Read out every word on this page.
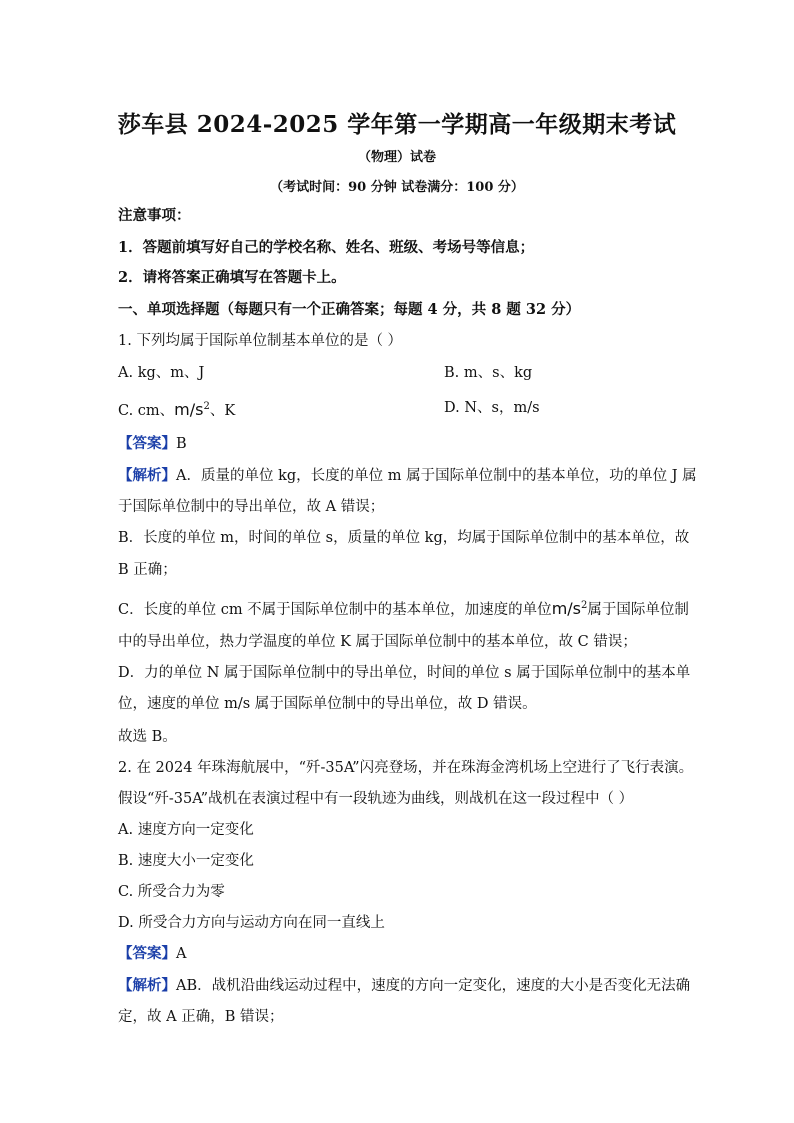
莎车县 2024-2025 学年第一学期高一年级期末考试
（物理）试卷
（考试时间：90 分钟 试卷满分：100 分）
注意事项：
1．答题前填写好自己的学校名称、姓名、班级、考场号等信息；
2．请将答案正确填写在答题卡上。
一、单项选择题（每题只有一个正确答案；每题 4 分，共 8 题 32 分）
1. 下列均属于国际单位制基本单位的是（ ）
A. kg、m、J	B. m、s、kg
C. cm、$m/s^2$、K	D. N、s，m/s
【答案】B
【解析】A．质量的单位 kg，长度的单位 m 属于国际单位制中的基本单位，功的单位 J 属
于国际单位制中的导出单位，故 A 错误；
B．长度的单位 m，时间的单位 s，质量的单位 kg，均属于国际单位制中的基本单位，故
B 正确；
C．长度的单位 cm 不属于国际单位制中的基本单位，加速度的单位$m/s^2$属于国际单位制
中的导出单位，热力学温度的单位 K 属于国际单位制中的基本单位，故 C 错误；
D．力的单位 N 属于国际单位制中的导出单位，时间的单位 s 属于国际单位制中的基本单
位，速度的单位 m/s 属于国际单位制中的导出单位，故 D 错误。
故选 B。
2. 在 2024 年珠海航展中，“歼-35A”闪亮登场，并在珠海金湾机场上空进行了飞行表演。
假设“歼-35A”战机在表演过程中有一段轨迹为曲线，则战机在这一段过程中（ ）
A. 速度方向一定变化
B. 速度大小一定变化
C. 所受合力为零
D. 所受合力方向与运动方向在同一直线上
【答案】A
【解析】AB．战机沿曲线运动过程中，速度的方向一定变化，速度的大小是否变化无法确
定，故 A 正确，B 错误；
